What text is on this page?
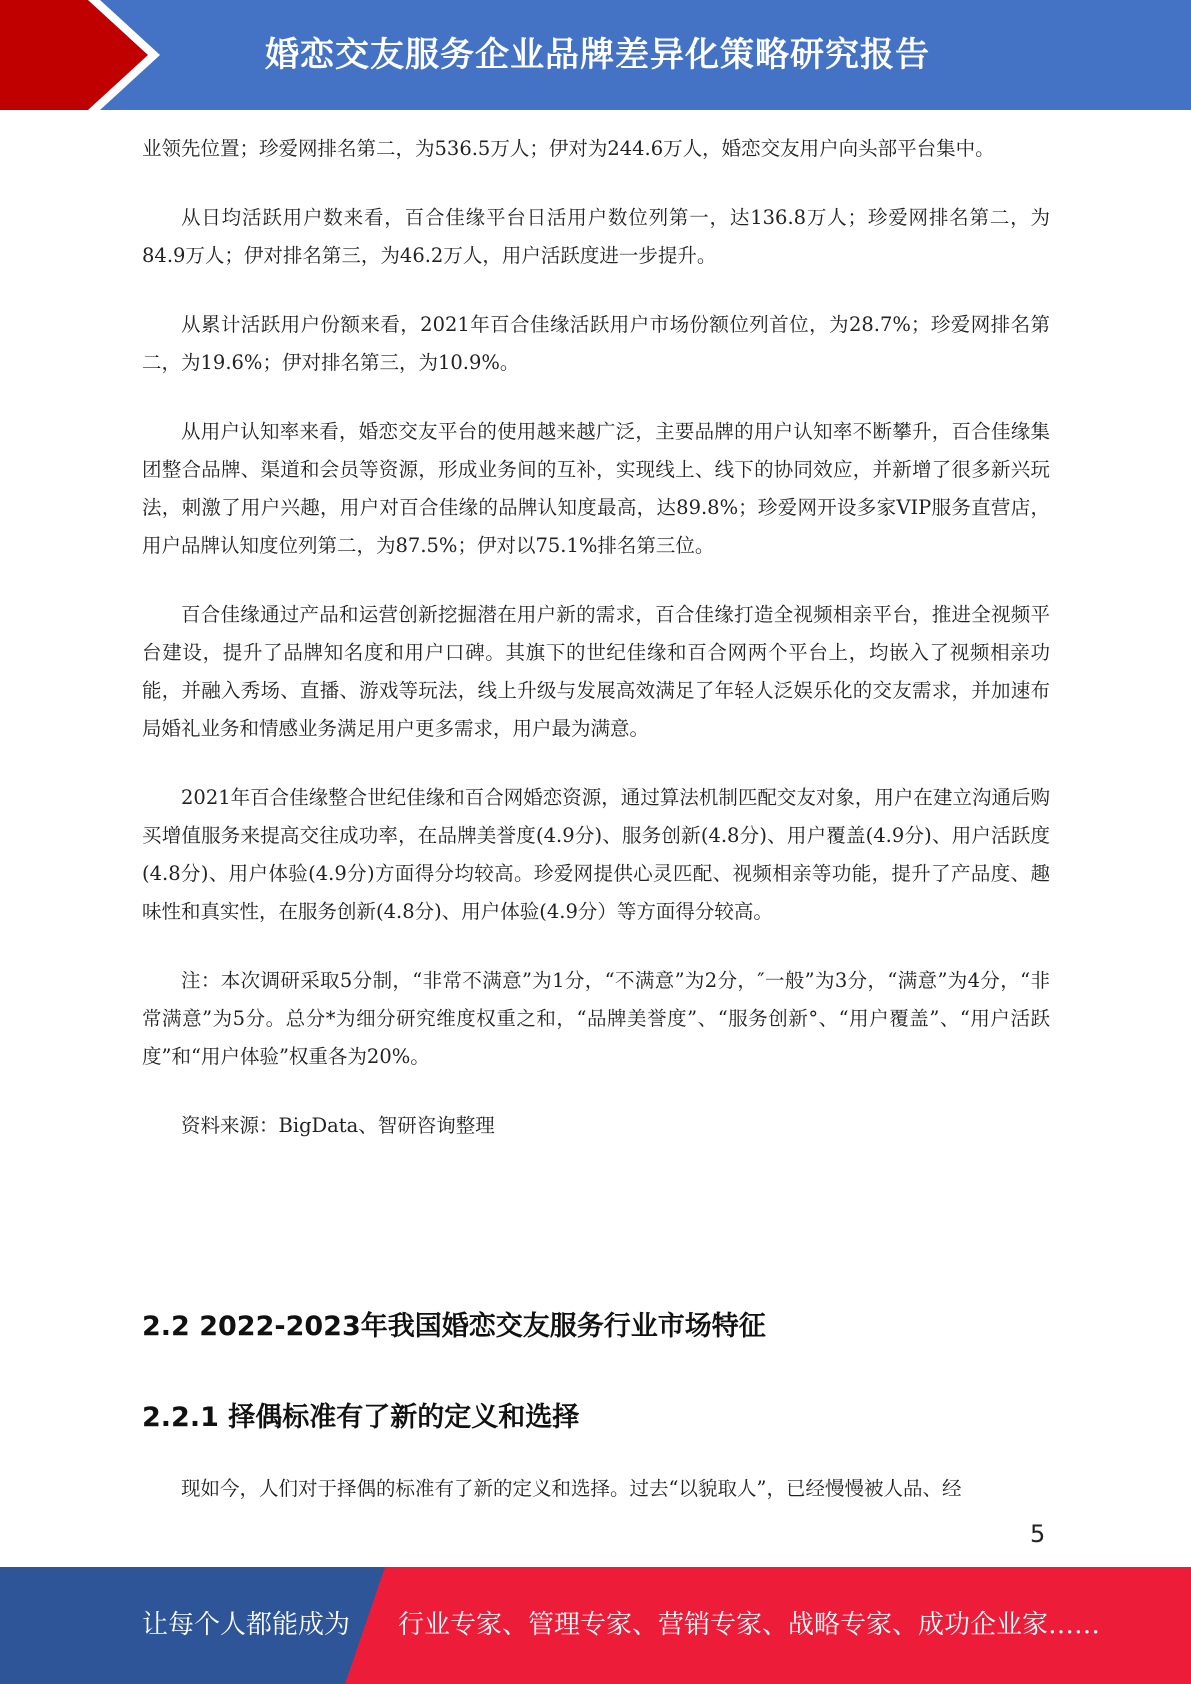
婚恋交友服务企业品牌差异化策略研究报告

业领先位置；珍爱网排名第二，为536.5万人；伊对为244.6万人，婚恋交友用户向头部平台集中。

从日均活跃用户数来看，百合佳缘平台日活用户数位列第一，达136.8万人；珍爱网排名第二，为84.9万人；伊对排名第三，为46.2万人，用户活跃度进一步提升。

从累计活跃用户份额来看，2021年百合佳缘活跃用户市场份额位列首位，为28.7%；珍爱网排名第二，为19.6%；伊对排名第三，为10.9%。

从用户认知率来看，婚恋交友平台的使用越来越广泛，主要品牌的用户认知率不断攀升，百合佳缘集团整合品牌、渠道和会员等资源，形成业务间的互补，实现线上、线下的协同效应，并新增了很多新兴玩法，刺激了用户兴趣，用户对百合佳缘的品牌认知度最高，达89.8%；珍爱网开设多家VIP服务直营店，用户品牌认知度位列第二，为87.5%；伊对以75.1%排名第三位。

百合佳缘通过产品和运营创新挖掘潜在用户新的需求，百合佳缘打造全视频相亲平台，推进全视频平台建设，提升了品牌知名度和用户口碑。其旗下的世纪佳缘和百合网两个平台上，均嵌入了视频相亲功能，并融入秀场、直播、游戏等玩法，线上升级与发展高效满足了年轻人泛娱乐化的交友需求，并加速布局婚礼业务和情感业务满足用户更多需求，用户最为满意。

2021年百合佳缘整合世纪佳缘和百合网婚恋资源，通过算法机制匹配交友对象，用户在建立沟通后购买增值服务来提高交往成功率，在品牌美誉度(4.9分)、服务创新(4.8分)、用户覆盖(4.9分)、用户活跃度(4.8分)、用户体验(4.9分)方面得分均较高。珍爱网提供心灵匹配、视频相亲等功能，提升了产品度、趣味性和真实性，在服务创新(4.8分)、用户体验(4.9分）等方面得分较高。

注：本次调研采取5分制，“非常不满意”为1分，“不满意”为2分，″一般”为3分，“满意”为4分，“非常满意”为5分。总分*为细分研究维度权重之和，“品牌美誉度”、“服务创新°、“用户覆盖”、“用户活跃度”和“用户体验”权重各为20%。

资料来源：BigData、智研咨询整理

2.2 2022-2023年我国婚恋交友服务行业市场特征
2.2.1 择偶标准有了新的定义和选择

现如今，人们对于择偶的标准有了新的定义和选择。过去“以貌取人”，已经慢慢被人品、经

5
让每个人都能成为 行业专家、管理专家、营销专家、战略专家、成功企业家……
